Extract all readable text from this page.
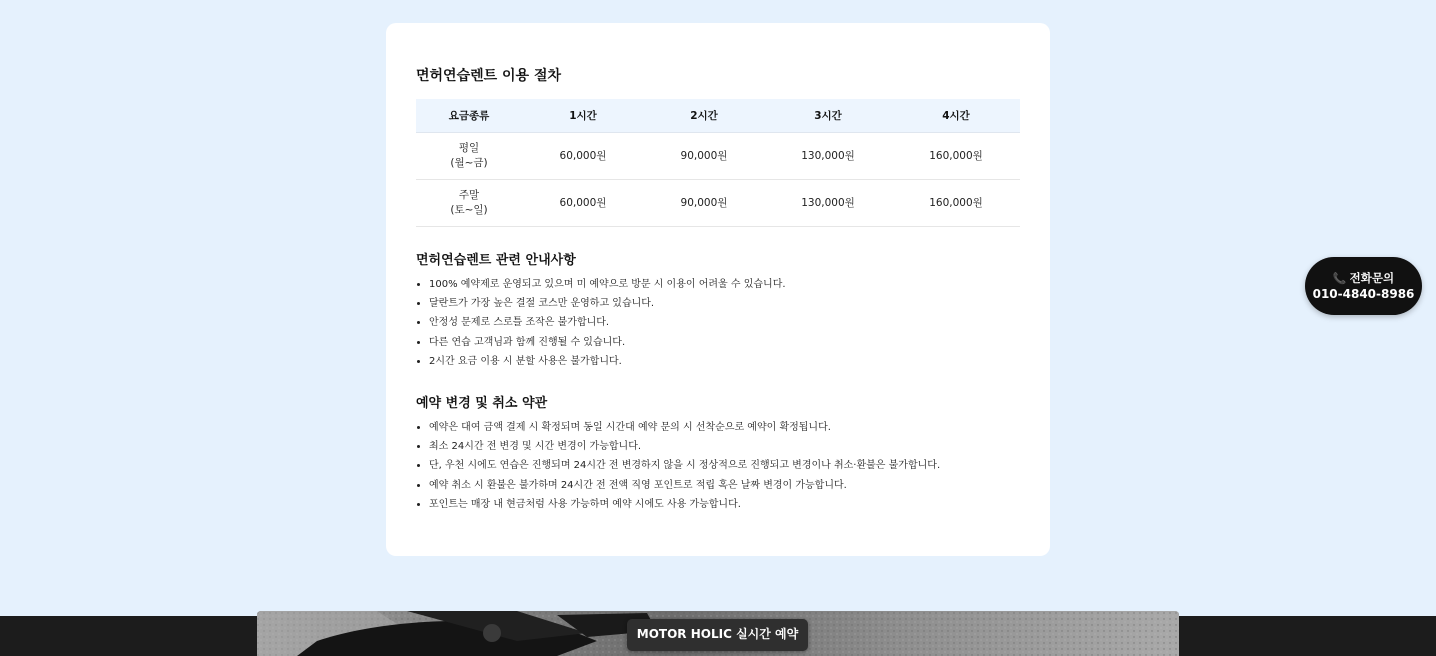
면허연습렌트 이용 절차
요금종류	1시간	2시간	3시간	4시간

평일
(월~금)	60,000원	90,000원	130,000원	160,000원

주말
(토~일)	60,000원	90,000원	130,000원	160,000원
면허연습렌트 관련 안내사항
• 100% 예약제로 운영되고 있으며 미 예약으로 방문 시 이용이 어려울 수 있습니다.
• 달란트가 가장 높은 결절 코스만 운영하고 있습니다.
• 안정성 문제로 스로틀 조작은 불가합니다.
• 다른 연습 고객님과 함께 진행될 수 있습니다.
• 2시간 요금 이용 시 분할 사용은 불가합니다.
예약 변경 및 취소 약관
• 예약은 대여 금액 결제 시 확정되며 동일 시간대 예약 문의 시 선착순으로 예약이 확정됩니다.
• 최소 24시간 전 변경 및 시간 변경이 가능합니다.
• 단, 우천 시에도 연습은 진행되며 24시간 전 변경하지 않을 시 정상적으로 진행되고 변경이나 취소·환불은 불가합니다.
• 예약 취소 시 환불은 불가하며 24시간 전 전액 직영 포인트로 적립 혹은 날짜 변경이 가능합니다.
• 포인트는 매장 내 현금처럼 사용 가능하며 예약 시에도 사용 가능합니다.
📞 전화문의
010-4840-8986
MOTOR HOLIC 실시간 예약
